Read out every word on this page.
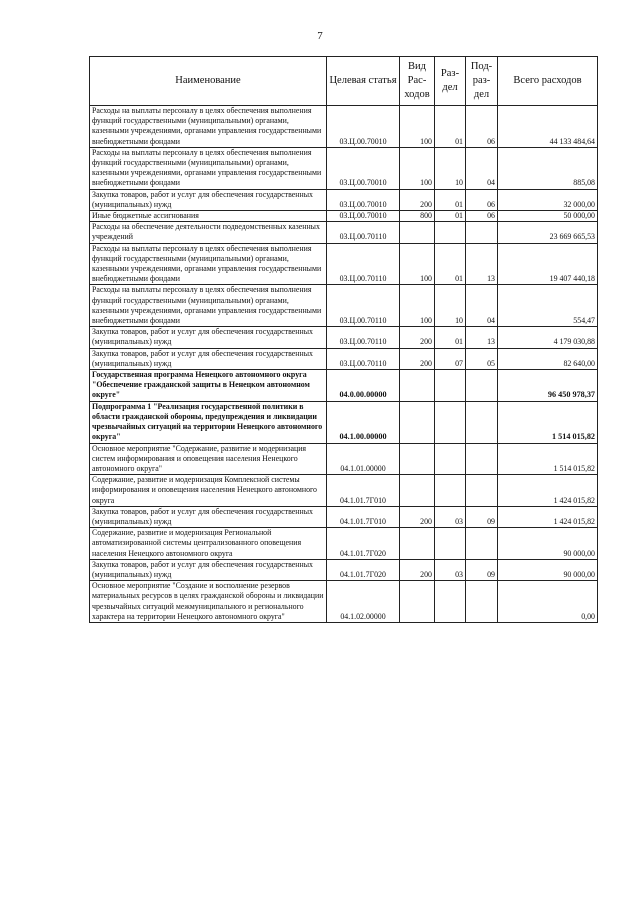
7
Наименование	Целевая статья	Вид Рас-ходов	Раз-дел	Под-раз-дел	Всего расходов
Расходы на выплаты персоналу в целях обеспечения выполнения функций государственными (муниципальными) органами, казенными учреждениями, органами управления государственными внебюджетными фондами	03.Ц.00.70010	100	01	06	44 133 484,64
Расходы на выплаты персоналу в целях обеспечения выполнения функций государственными (муниципальными) органами, казенными учреждениями, органами управления государственными внебюджетными фондами	03.Ц.00.70010	100	10	04	885,08
Закупка товаров, работ и услуг для обеспечения государственных (муниципальных) нужд	03.Ц.00.70010	200	01	06	32 000,00
Иные бюджетные ассигнования	03.Ц.00.70010	800	01	06	50 000,00
Расходы на обеспечение деятельности подведомственных казенных учреждений	03.Ц.00.70110				23 669 665,53
Расходы на выплаты персоналу в целях обеспечения выполнения функций государственными (муниципальными) органами, казенными учреждениями, органами управления государственными внебюджетными фондами	03.Ц.00.70110	100	01	13	19 407 440,18
Расходы на выплаты персоналу в целях обеспечения выполнения функций государственными (муниципальными) органами, казенными учреждениями, органами управления государственными внебюджетными фондами	03.Ц.00.70110	100	10	04	554,47
Закупка товаров, работ и услуг для обеспечения государственных (муниципальных) нужд	03.Ц.00.70110	200	01	13	4 179 030,88
Закупка товаров, работ и услуг для обеспечения государственных (муниципальных) нужд	03.Ц.00.70110	200	07	05	82 640,00
Государственная программа Ненецкого автономного округа "Обеспечение гражданской защиты в Ненецком автономном округе"	04.0.00.00000				96 450 978,37
Подпрограмма 1 "Реализация государственной политики в области гражданской обороны, предупреждения и ликвидации чрезвычайных ситуаций на территории Ненецкого автономного округа"	04.1.00.00000				1 514 015,82
Основное мероприятие "Содержание, развитие и модернизация систем информирования и оповещения населения Ненецкого автономного округа"	04.1.01.00000				1 514 015,82
Содержание, развитие и модернизация Комплексной системы информирования и оповещения населения Ненецкого автономного округа	04.1.01.7Г010				1 424 015,82
Закупка товаров, работ и услуг для обеспечения государственных (муниципальных) нужд	04.1.01.7Г010	200	03	09	1 424 015,82
Содержание, развитие и модернизация Региональной автоматизированной системы централизованного оповещения населения Ненецкого автономного округа	04.1.01.7Г020				90 000,00
Закупка товаров, работ и услуг для обеспечения государственных (муниципальных) нужд	04.1.01.7Г020	200	03	09	90 000,00
Основное мероприятие "Создание и восполнение резервов материальных ресурсов в целях гражданской обороны и ликвидации чрезвычайных ситуаций межмуниципального и регионального характера на территории Ненецкого автономного округа"	04.1.02.00000				0,00
